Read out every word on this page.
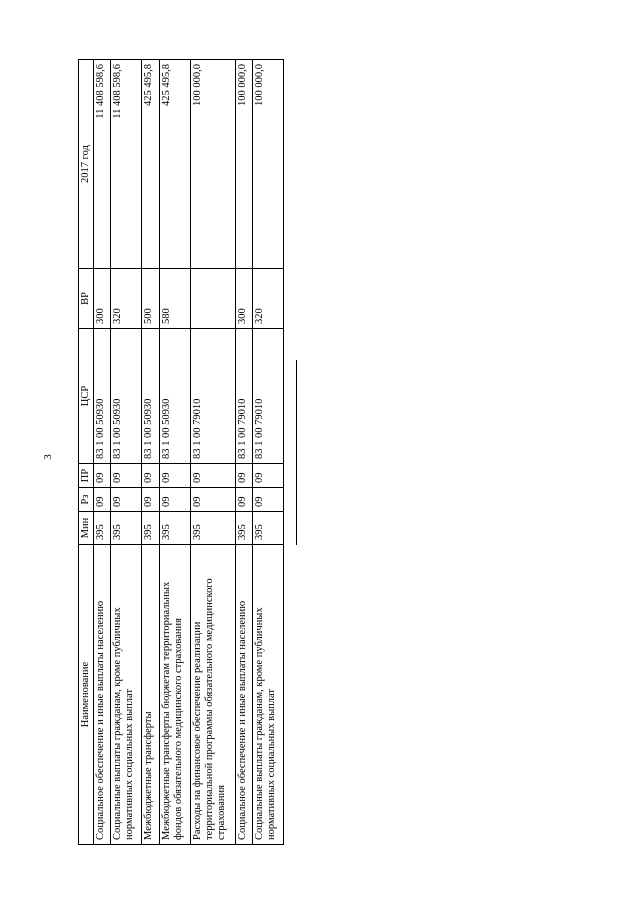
3
Наименование	Мин	Рз	ПР	ЦСР	ВР	2017 год
Социальное обеспечение и иные выплаты населению	395	09	09	83 1 00 50930	300	11 408 598,6
Социальные выплаты гражданам, кроме публичных нормативных социальных выплат	395	09	09	83 1 00 50930	320	11 408 598,6
Межбюджетные трансферты	395	09	09	83 1 00 50930	500	425 495,8
Межбюджетные трансферты бюджетам территориальных фондов обязательного медицинского страхования	395	09	09	83 1 00 50930	580	425 495,8
Расходы на финансовое обеспечение реализации территориальной программы обязательного медицинского страхования	395	09	09	83 1 00 79010		100 000,0
Социальное обеспечение и иные выплаты населению	395	09	09	83 1 00 79010	300	100 000,0
Социальные выплаты гражданам, кроме публичных нормативных социальных выплат	395	09	09	83 1 00 79010	320	100 000,0
